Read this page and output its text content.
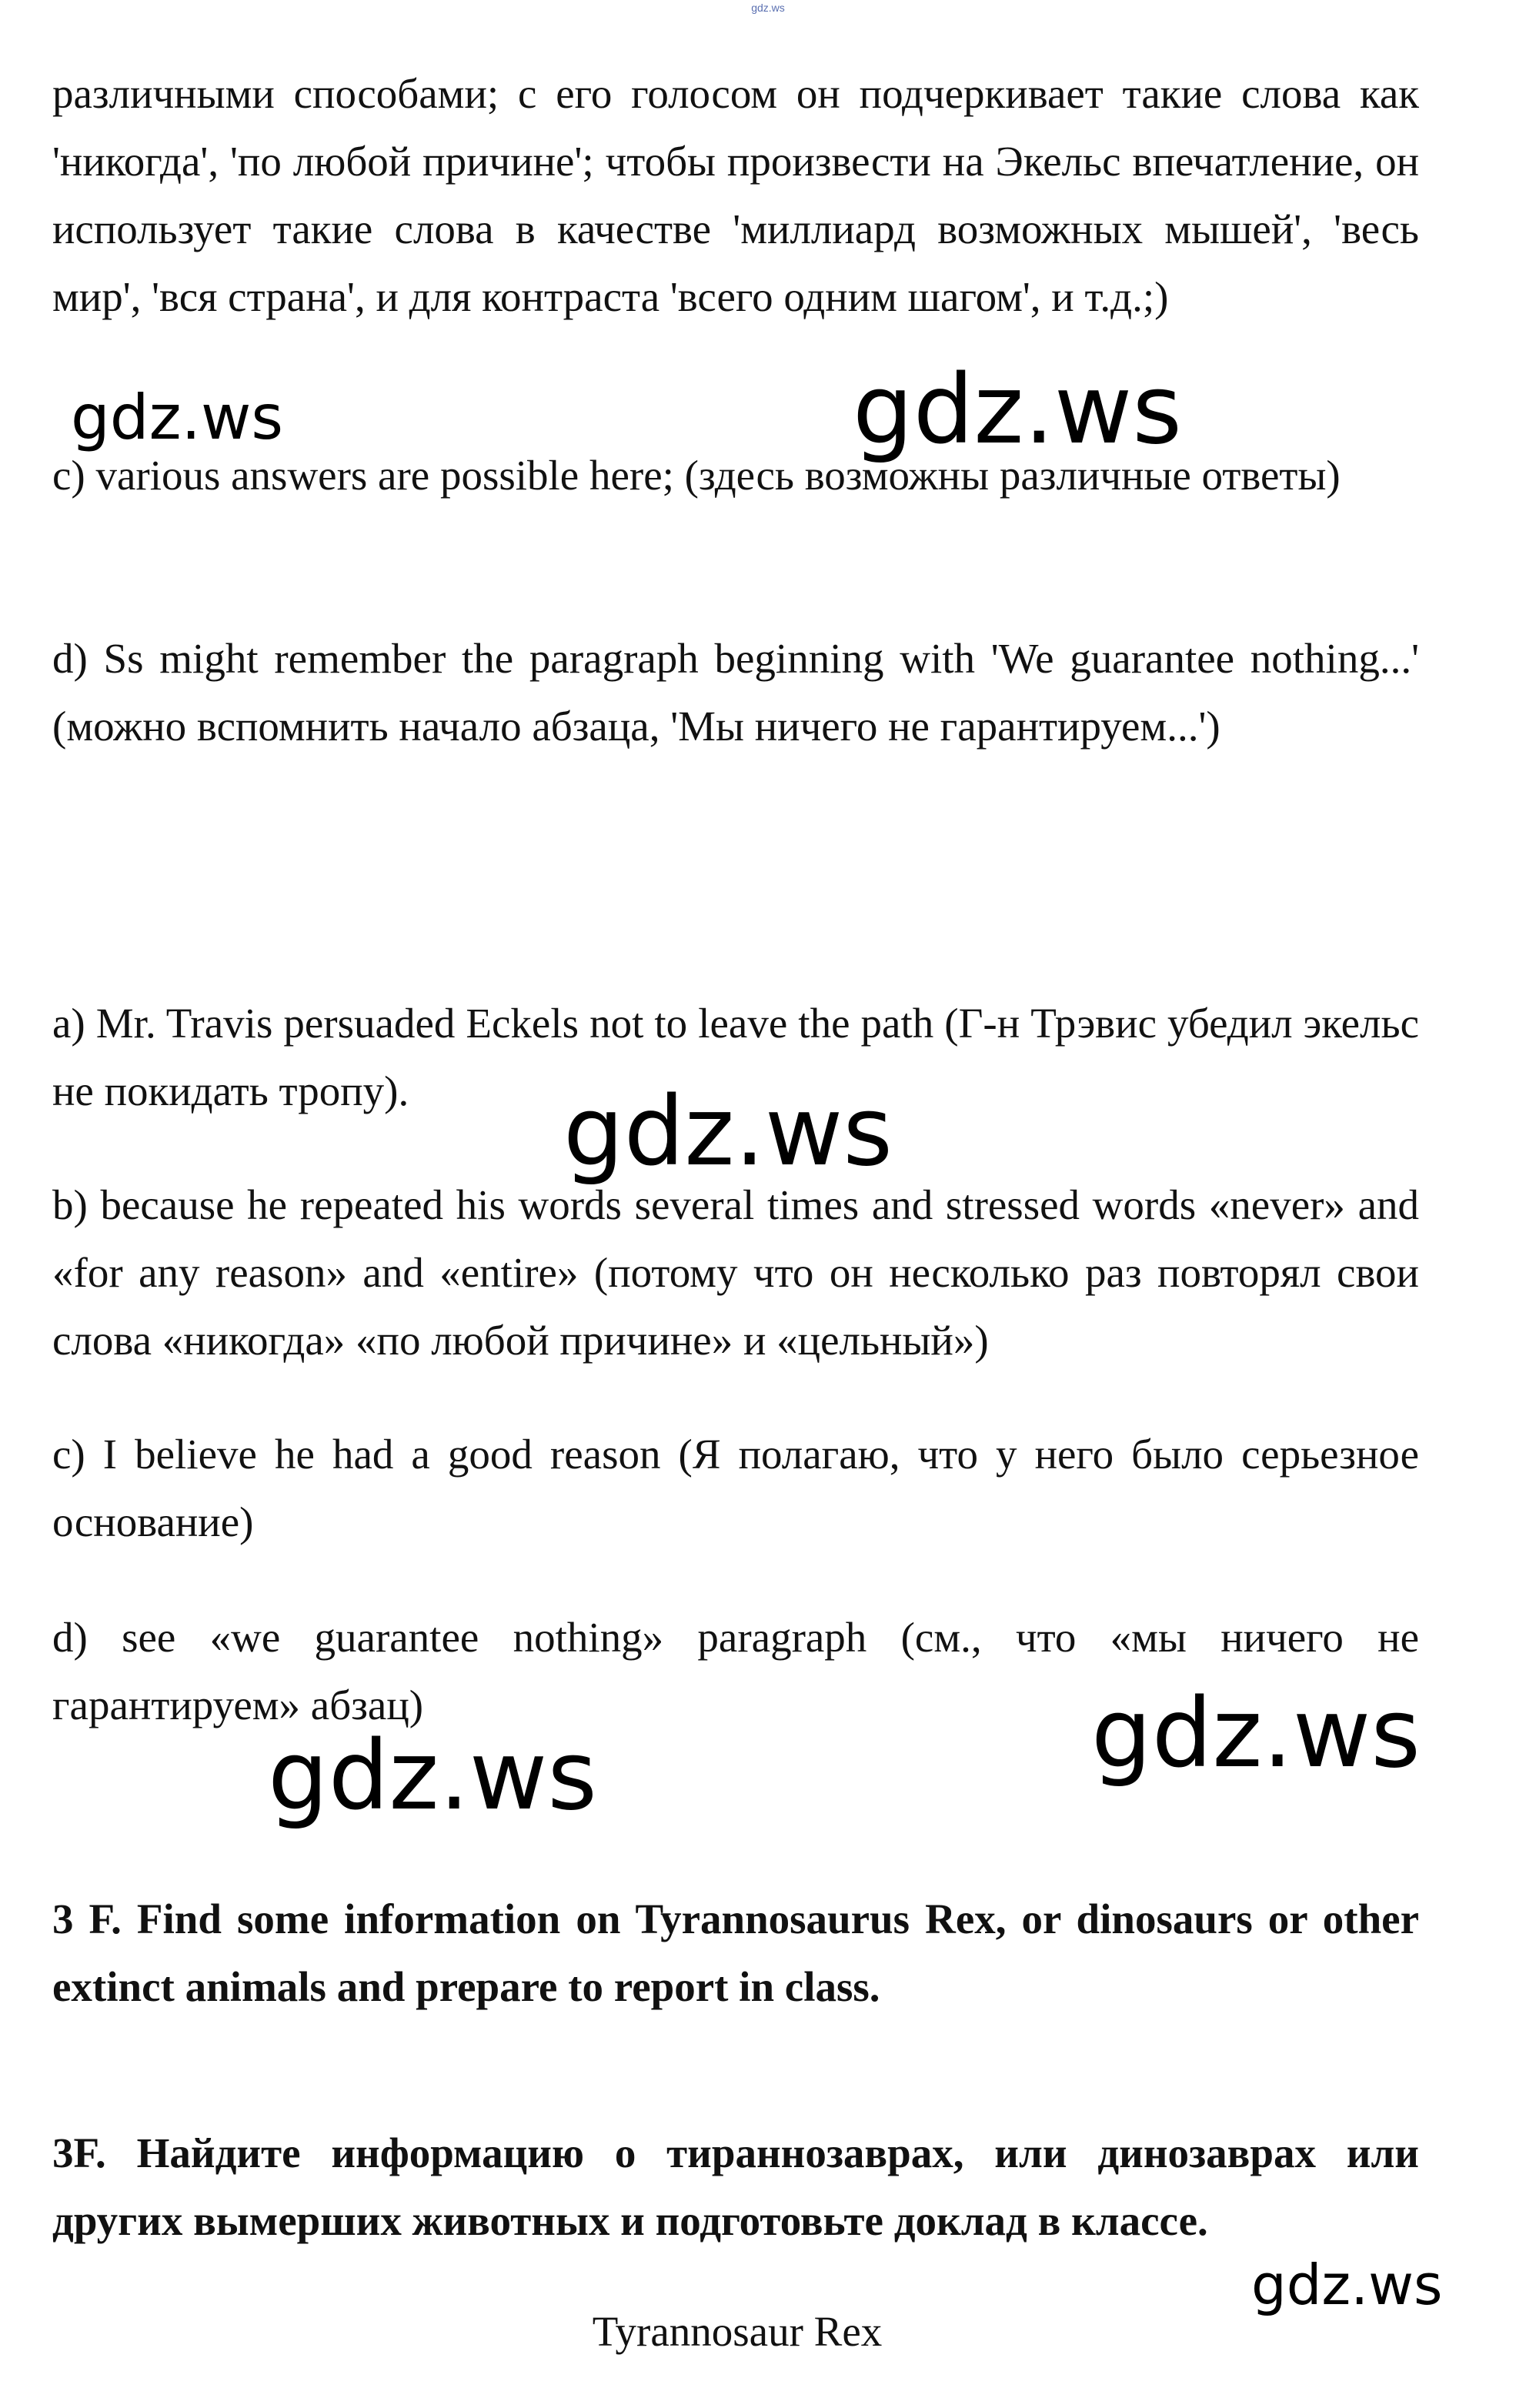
gdz.ws

различными способами; с его голосом он подчеркивает такие слова как 'никогда', 'по любой причине'; чтобы произвести на Экельс впечатление, он использует такие слова в качестве 'миллиард возможных мышей', 'весь мир', 'вся страна', и для контраста 'всего одним шагом', и т.д.;)

c) various answers are possible here; (здесь возможны различные ответы)

d) Ss might remember the paragraph beginning with 'We guarantee nothing...' (можно вспомнить начало абзаца, 'Мы ничего не гарантируем...')

a) Mr. Travis persuaded Eckels not to leave the path (Г-н Трэвис убедил экельс не покидать тропу).

b) because he repeated his words several times and stressed words «never» and «for any reason» and «entire» (потому что он несколько раз повторял свои слова «никогда» «по любой причине» и «цельный»)

c) I believe he had a good reason (Я полагаю, что у него было серьезное основание)

d) see «we guarantee nothing» paragraph (см., что «мы ничего не гарантируем» абзац)

3 F. Find some information on Tyrannosaurus Rex, or dinosaurs or other extinct animals and prepare to report in class.

3F. Найдите информацию о тираннозаврах, или динозаврах или других вымерших животных и подготовьте доклад в классе.

Tyrannosaur Rex

gdz.ws	gdz.ws
gdz.ws
gdz.ws
gdz.ws
gdz.ws
